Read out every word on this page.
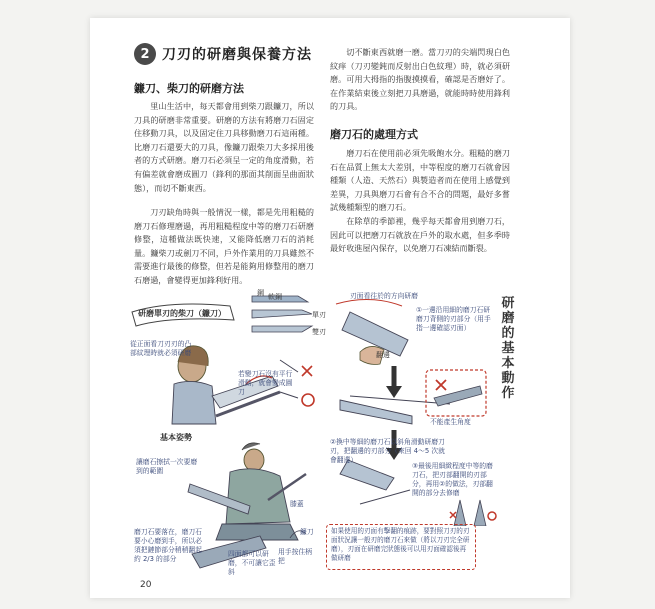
2 刀刃的研磨與保養方法
鐮刀、柴刀的研磨方法

里山生活中，每天都會用到柴刀跟鐮刀，所以刀具的研磨非常重要。研磨的方法有將磨刀石固定住移動刀具，以及固定住刀具移動磨刀石這兩種。比磨刀石還要大的刀具，像鐮刀跟柴刀大多採用後者的方式研磨。磨刀石必須呈一定的角度滑動，若有偏差就會磨成圓刀（鋒利的那面其削面呈曲面狀態），而切不斷東西。

刀刃缺角時與一般情況一樣，都是先用粗糙的磨刀石修理磨過，再用粗糙程度中等的磨刀石研磨修整，這種做法既快速，又能降低磨刀石的消耗量。鐮柴刀或劍刀不同，戶外作業用的刀具雖然不需要進行最後的修整，但若是能夠用修整用的磨刀石磨過，會變得更加鋒利好用。

切不斷東西就磨一磨。當刀刃的尖端閃現白色紋痒（刀刃變鈍而反射出白色紋理）時，就必須研磨。可用大拇指的指腹摸摸看，確認是否磨好了。在作業結束後立刻把刀具磨過，就能時時使用鋒利的刀具。

磨刀石的處理方式

磨刀石在使用前必須先吸飽水分。粗糙的磨刀石在品質上無太大差別，中等程度的磨刀石就會因種類（人造、天然石）與製造者而在使用上感覺到差異，刀具與磨刀石會有合不合的問題，最好多嘗試幾種類型的磨刀石。

在除草的季節裡，幾乎每天都會用到磨刀石，因此可以把磨刀石就放在戶外的取水處，但多季時最好收進屋內保存，以免磨刀石凍結而斷裂。

研磨單刃的柴刀（鐮刀）
鋼 軟鋼
單刃
雙刃
從正面看刀刃刃的凸部紋理時就必須研磨
若變刀石沒有平行滑動，就會變成圓刀
基本姿勢
讓磨石擦拭一次要磨到的範圍
膝蓋
鐮刀
用手按住柄把
磨刀石要落在，磨刀石要小心磨到手，所以必須把鏈節部分稍稍翻起約 2/3 的部分
四面都可以研磨，不可讓它歪斜
刃面看往於的方向研磨	研
磨
的
基
本
動
作
①一邊沿用細的磨刀石研磨刀背側的刃部分（用手指一邊確認刃面）
翻邊
②換中等細的磨刀石以斜角滑動研磨刀刃，把翻邊的刃部分（來回 4～5 次就會翻邊）
不能產生角度
③最後用細緻程度中等的磨刀石，把刃部翻開的刃部分，再用②的做法，刃部翻開的部分去修磨
如果使用的刃面有擊翻的痕跡，要對照刀刃的刃面狀況讓一般刃的磨刀石來做（將以刀刃完全研磨），刃面在研磨完狀態後可以用刃面確認後再做研磨
20
